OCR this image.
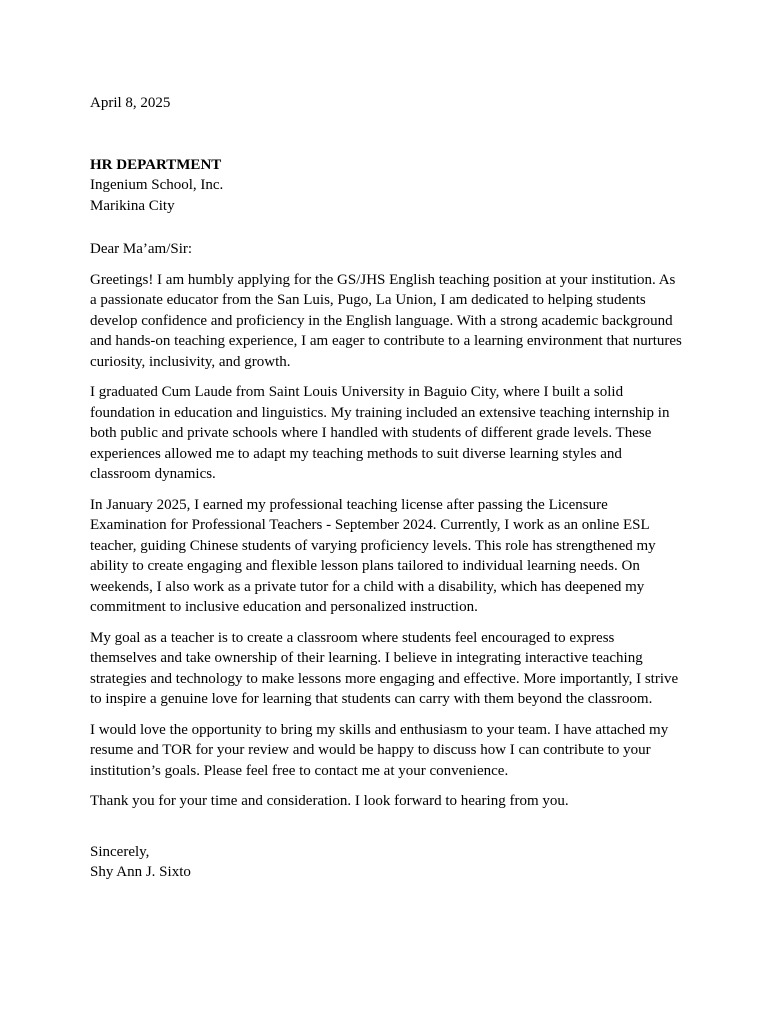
April 8, 2025
HR DEPARTMENT
Ingenium School, Inc.
Marikina City
Dear Ma’am/Sir:

Greetings! I am humbly applying for the GS/JHS English teaching position at your institution. As a passionate educator from the San Luis, Pugo, La Union, I am dedicated to helping students develop confidence and proficiency in the English language. With a strong academic background and hands-on teaching experience, I am eager to contribute to a learning environment that nurtures curiosity, inclusivity, and growth.

I graduated Cum Laude from Saint Louis University in Baguio City, where I built a solid foundation in education and linguistics. My training included an extensive teaching internship in both public and private schools where I handled with students of different grade levels. These experiences allowed me to adapt my teaching methods to suit diverse learning styles and classroom dynamics.

In January 2025, I earned my professional teaching license after passing the Licensure Examination for Professional Teachers - September 2024. Currently, I work as an online ESL teacher, guiding Chinese students of varying proficiency levels. This role has strengthened my ability to create engaging and flexible lesson plans tailored to individual learning needs. On weekends, I also work as a private tutor for a child with a disability, which has deepened my commitment to inclusive education and personalized instruction.

My goal as a teacher is to create a classroom where students feel encouraged to express themselves and take ownership of their learning. I believe in integrating interactive teaching strategies and technology to make lessons more engaging and effective. More importantly, I strive to inspire a genuine love for learning that students can carry with them beyond the classroom.

I would love the opportunity to bring my skills and enthusiasm to your team. I have attached my resume and TOR for your review and would be happy to discuss how I can contribute to your institution’s goals. Please feel free to contact me at your convenience.

Thank you for your time and consideration. I look forward to hearing from you.

Sincerely,
Shy Ann J. Sixto
